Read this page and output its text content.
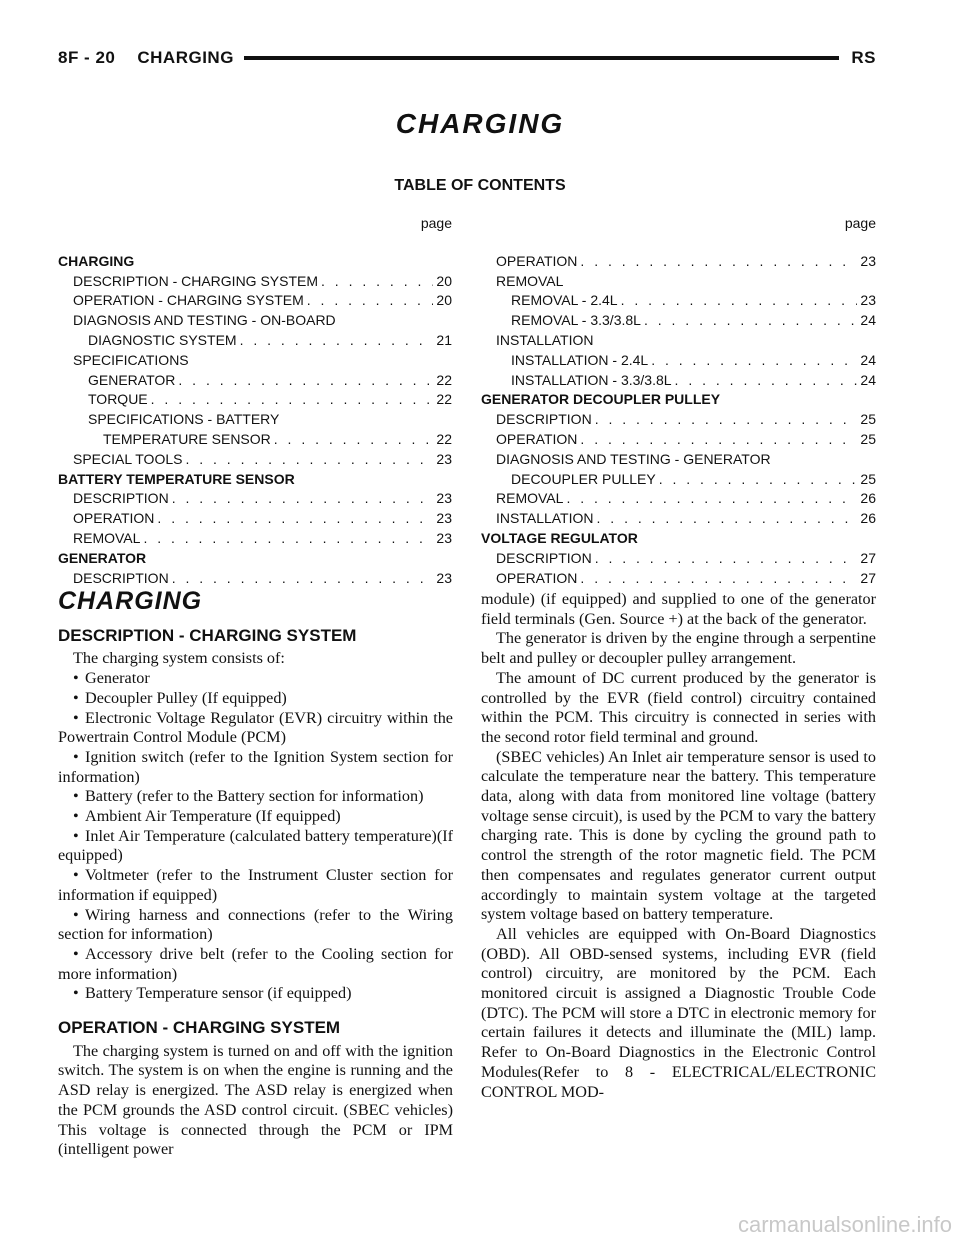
8F - 20 CHARGING	RS
CHARGING
TABLE OF CONTENTS
page
CHARGING
DESCRIPTION - CHARGING SYSTEM . . .	20
OPERATION - CHARGING SYSTEM . . .	20
DIAGNOSIS AND TESTING - ON-BOARD
DIAGNOSTIC SYSTEM . . .	21
SPECIFICATIONS
GENERATOR . . .	22
TORQUE . . .	22
SPECIFICATIONS - BATTERY
TEMPERATURE SENSOR . . .	22
SPECIAL TOOLS . . .	23
BATTERY TEMPERATURE SENSOR
DESCRIPTION . . .	23
OPERATION . . .	23
REMOVAL . . .	23
GENERATOR
DESCRIPTION . . .	23
page
OPERATION . . .	23
REMOVAL
REMOVAL - 2.4L . . .	23
REMOVAL - 3.3/3.8L . . .	24
INSTALLATION
INSTALLATION - 2.4L . . .	24
INSTALLATION - 3.3/3.8L . . .	24
GENERATOR DECOUPLER PULLEY
DESCRIPTION . . .	25
OPERATION . . .	25
DIAGNOSIS AND TESTING - GENERATOR
DECOUPLER PULLEY . . .	25
REMOVAL . . .	26
INSTALLATION . . .	26
VOLTAGE REGULATOR
DESCRIPTION . . .	27
OPERATION . . .	27
CHARGING
DESCRIPTION - CHARGING SYSTEM

The charging system consists of:

• Generator

• Decoupler Pulley (If equipped)

• Electronic Voltage Regulator (EVR) circuitry within the Powertrain Control Module (PCM)

• Ignition switch (refer to the Ignition System section for information)

• Battery (refer to the Battery section for information)

• Ambient Air Temperature (If equipped)

• Inlet Air Temperature (calculated battery temperature)(If equipped)

• Voltmeter (refer to the Instrument Cluster section for information if equipped)

• Wiring harness and connections (refer to the Wiring section for information)

• Accessory drive belt (refer to the Cooling section for more information)

• Battery Temperature sensor (if equipped)

OPERATION - CHARGING SYSTEM

The charging system is turned on and off with the ignition switch. The system is on when the engine is running and the ASD relay is energized. The ASD relay is energized when the PCM grounds the ASD control circuit. (SBEC vehicles) This voltage is connected through the PCM or IPM (intelligent power

module) (if equipped) and supplied to one of the generator field terminals (Gen. Source +) at the back of the generator.

The generator is driven by the engine through a serpentine belt and pulley or decoupler pulley arrangement.

The amount of DC current produced by the generator is controlled by the EVR (field control) circuitry contained within the PCM. This circuitry is connected in series with the second rotor field terminal and ground.

(SBEC vehicles) An Inlet air temperature sensor is used to calculate the temperature near the battery. This temperature data, along with data from monitored line voltage (battery voltage sense circuit), is used by the PCM to vary the battery charging rate. This is done by cycling the ground path to control the strength of the rotor magnetic field. The PCM then compensates and regulates generator current output accordingly to maintain system voltage at the targeted system voltage based on battery temperature.

All vehicles are equipped with On-Board Diagnostics (OBD). All OBD-sensed systems, including EVR (field control) circuitry, are monitored by the PCM. Each monitored circuit is assigned a Diagnostic Trouble Code (DTC). The PCM will store a DTC in electronic memory for certain failures it detects and illuminate the (MIL) lamp. Refer to On-Board Diagnostics in the Electronic Control Modules(Refer to 8 - ELECTRICAL/ELECTRONIC CONTROL MOD-

carmanualsonline.info
